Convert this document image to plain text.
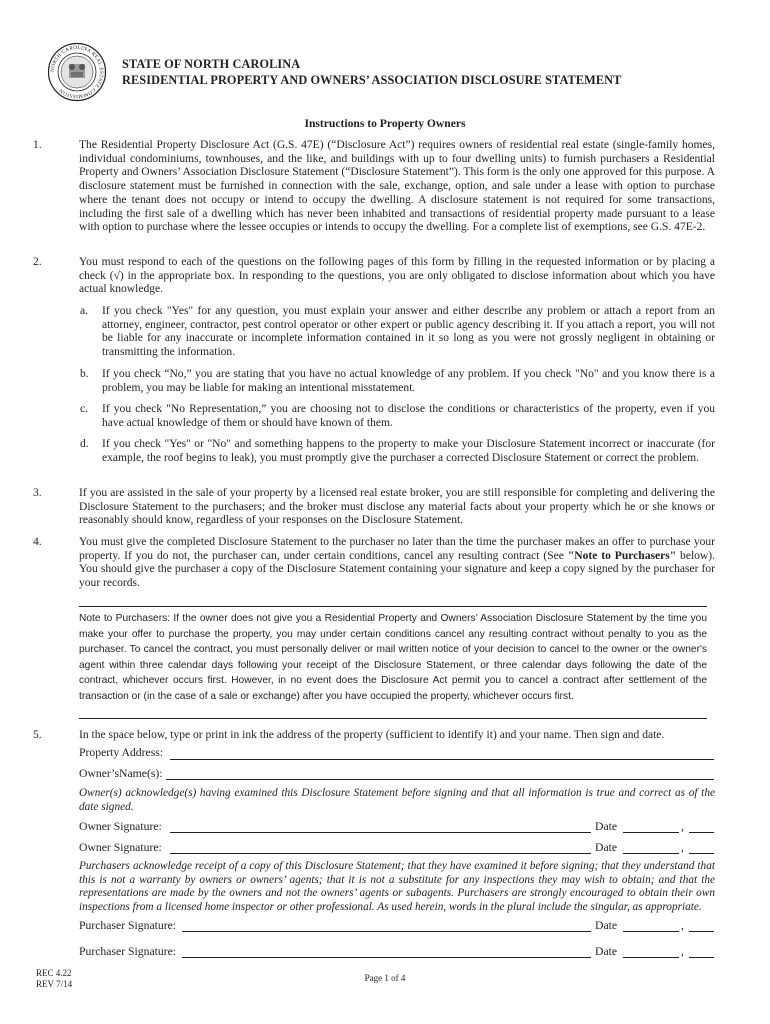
NORTH CAROLINA REAL ESTATE COMMISSION
STATE OF NORTH CAROLINA
RESIDENTIAL PROPERTY AND OWNERS’ ASSOCIATION DISCLOSURE STATEMENT
Instructions to Property Owners
1.	The Residential Property Disclosure Act (G.S. 47E) (“Disclosure Act”) requires owners of residential real estate (single-family homes, individual condominiums, townhouses, and the like, and buildings with up to four dwelling units) to furnish purchasers a Residential Property and Owners’ Association Disclosure Statement (“Disclosure Statement”). This form is the only one approved for this purpose. A disclosure statement must be furnished in connection with the sale, exchange, option, and sale under a lease with option to purchase where the tenant does not occupy or intend to occupy the dwelling. A disclosure statement is not required for some transactions, including the first sale of a dwelling which has never been inhabited and transactions of residential property made pursuant to a lease with option to purchase where the lessee occupies or intends to occupy the dwelling. For a complete list of exemptions, see G.S. 47E-2.
2.	You must respond to each of the questions on the following pages of this form by filling in the requested information or by placing a check (√) in the appropriate box. In responding to the questions, you are only obligated to disclose information about which you have actual knowledge.
a. If you check "Yes" for any question, you must explain your answer and either describe any problem or attach a report from an attorney, engineer, contractor, pest control operator or other expert or public agency describing it. If you attach a report, you will not be liable for any inaccurate or incomplete information contained in it so long as you were not grossly negligent in obtaining or transmitting the information.
b. If you check “No,” you are stating that you have no actual knowledge of any problem. If you check "No" and you know there is a problem, you may be liable for making an intentional misstatement.
c. If you check "No Representation,” you are choosing not to disclose the conditions or characteristics of the property, even if you have actual knowledge of them or should have known of them.
d. If you check "Yes" or "No" and something happens to the property to make your Disclosure Statement incorrect or inaccurate (for example, the roof begins to leak), you must promptly give the purchaser a corrected Disclosure Statement or correct the problem.
3.	If you are assisted in the sale of your property by a licensed real estate broker, you are still responsible for completing and delivering the Disclosure Statement to the purchasers; and the broker must disclose any material facts about your property which he or she knows or reasonably should know, regardless of your responses on the Disclosure Statement.
4.	You must give the completed Disclosure Statement to the purchaser no later than the time the purchaser makes an offer to purchase your property. If you do not, the purchaser can, under certain conditions, cancel any resulting contract (See "Note to Purchasers" below). You should give the purchaser a copy of the Disclosure Statement containing your signature and keep a copy signed by the purchaser for your records.
Note to Purchasers: If the owner does not give you a Residential Property and Owners’ Association Disclosure Statement by the time you make your offer to purchase the property, you may under certain conditions cancel any resulting contract without penalty to you as the purchaser. To cancel the contract, you must personally deliver or mail written notice of your decision to cancel to the owner or the owner's agent within three calendar days following your receipt of the Disclosure Statement, or three calendar days following the date of the contract, whichever occurs first. However, in no event does the Disclosure Act permit you to cancel a contract after settlement of the transaction or (in the case of a sale or exchange) after you have occupied the property, whichever occurs first.
5.	In the space below, type or print in ink the address of the property (sufficient to identify it) and your name. Then sign and date.
Property Address:
Owner’sName(s):
Owner(s) acknowledge(s) having examined this Disclosure Statement before signing and that all information is true and correct as of the date signed.
Owner Signature:	Date	,
Owner Signature:	Date	,
Purchasers acknowledge receipt of a copy of this Disclosure Statement; that they have examined it before signing; that they understand that this is not a warranty by owners or owners’ agents; that it is not a substitute for any inspections they may wish to obtain; and that the representations are made by the owners and not the owners’ agents or subagents. Purchasers are strongly encouraged to obtain their own inspections from a licensed home inspector or other professional. As used herein, words in the plural include the singular, as appropriate.
Purchaser Signature:	Date	,
Purchaser Signature:	Date	,
REC 4.22
REV 7/14
Page 1 of 4
